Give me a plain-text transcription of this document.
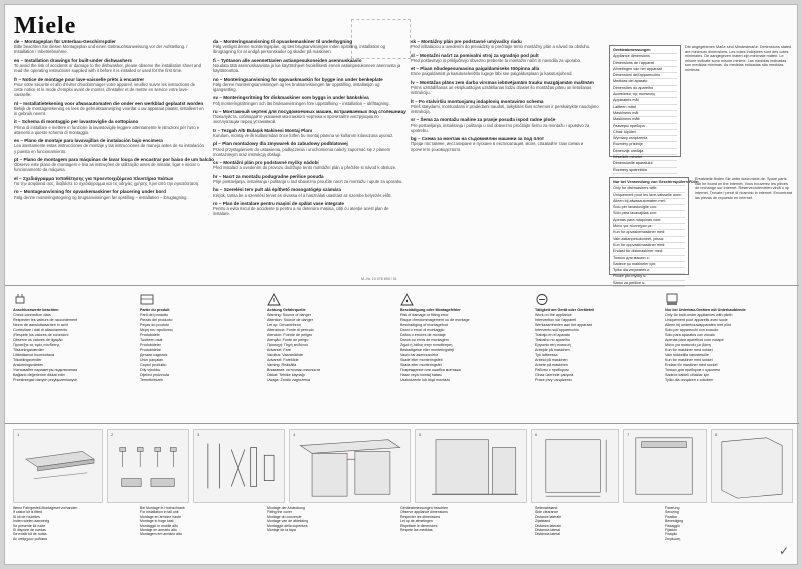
Miele
de – Montageplan für Unterbau-Geschirrspüler
Bitte beachten Sie diesen Montageplan und einen Gebrauchsanweisung vor der Aufstellung. / Installation / Inbetriebnahme.
en – Installation drawings for built-under dishwashers
To avoid the risk of accidents or damage to the dishwasher, please observe the installation sheet and read the operating instructions supplied with it before it is installed or used for the first time.
fr – Notice de montage pour lave-vaisselle prêts à encastrer
Pour votre sécurité et afin d'éviter d'endommager votre appareil, veuillez suivre les instructions de cette notice et le mode d'emploi avant de monter, d'installer et de mettre en service votre lave-vaisselle.
nl – Installatietekening voor afwasautomaten die onder een werkblad geplaatst worden
Bekijk de montagetekening en lees de gebruiksaanwijzing voordat u uw apparaat plaatst, installeert en in gebruik neemt.
it – Schema di montaggio per lavastoviglie da sottopiano
Prima di installare e mettere in funzione la lavastoviglie leggere attentamente le istruzioni per l'uso e attenersi a questo schema di montaggio.
es – Plano de montaje para lavavajillas de instalación bajo encimera
Lea atentamente estas instrucciones de montaje y las instrucciones de manejo antes de su instalación y puesta en funcionamiento.
pt – Plano de montagem para máquinas de lavar louça de encastrar por baixo de um balcão
Observe este plano de montagem e leia as instruções de utilização antes de instalar, ligar e iniciar o funcionamento da máquina.
el – Σχεδιάγραμμα τοποθέτησης για προεντοιχιζόμενα πλυντήρια πιάτων
Για την ασφάλειά σας, διαβάστε το σχεδιάγραμμα και τις οδηγίες χρήσης πριν από την εγκατάσταση.
ro – Montageanvisning för opvaskemaskiner for placering under bord
Følg denne monteringstegning og brugsanvisningen før opstilling – installation – ibrugtagning.
da – Monteringsanvisning til opvaskemaskiner til underbygning
Følg venligst denne monteringsplan, og læs brugsanvisningen inden opstilling, installation og ibrugtagning for at undgå personskader og skader på maskinen.
fi – Työtason alle asennettavien astianpesukoneiden asennuskaavio
Noudata tätä asennuskaaviota ja lue käyttöohjeet huolellisesti ennen astianpesukoneen asennusta ja käyttöönottoa.
no – Monteringsanvisning for oppvaskmaskin for bygge inn under benkeplate
Følg denne monteringsanvisningen og les bruksanvisningen før oppstilling, installasjon og igangsetting.
sv – Monteringsritning för diskmaskiner som byggs in under bänkskiva
Följ monteringsritningen och läs bruksanvisningen före uppställning – installation – idrifttagning.
ru – Монтажный чертеж для посудомоечных машин, встраиваемых под столешницу
Пожалуйста, соблюдайте указания монтажного чертежа и прочитайте инструкцию по эксплуатации перед установкой.
tr – Tezgah Altı Bulaşık Makinesi Montaj Planı
Kurulum, montaj ve ilk kullanımdan önce lütfen bu montaj planına ve kullanım kılavuzuna uyunuz.
pl – Plan montażowy dla zmywarek do zabudowy podblatowej
Przed przystąpieniem do ustawienia, podłączenia i uruchomienia należy zapoznać się z planem montażowym oraz instrukcją obsługi.
cs – Montážní plán pro podstavné myčky nádobí
Před instalací a uvedením do provozu dodržujte tento montážní plán a přečtěte si návod k obsluze.
hr – Nacrt za montažu podugradne perilice posuđa
Prije postavljanja, instaliranja i puštanja u rad obavezno proučite nacrt za montažu i upute za uporabu.
hu – Szerelési terv pult alá építhető mosogatógép számára
Kérjük, tartsa be a szerelési tervet és olvassa el a használati utasítást az üzembe helyezés előtt.
ro – Plan de instalare pentru mașini de spălat vase integrate
Pentru a evita riscul de accidente și pentru a nu deteriora mașina, citiți cu atenție acest plan de instalare.
sk – Montážny plán pre podstavné umývačky riadu
Pred inštaláciou a uvedením do prevádzky si prečítajte tento montážny plán a návod na obsluhu.
sl – Montažni načrt za pomivalni stroj za vgradnjo pod pult
Pred postavitvijo in priključitvijo obvezno preberite ta montažni načrt in navodila za uporabo.
et – Plaan nõudepesumasina paigaldamiseks tööpinna alla
Enne paigaldamist ja kasutuselevõttu lugege läbi see paigaldusplaan ja kasutusjuhend.
lv – Montāžas plāns zem darba virsmas iebūvējamām trauku mazgājamām mašīnām
Pirms uzstādīšanas un ekspluatācijas uzsākšanas lūdzu izlasiet šo montāžas plānu un lietošanas instrukciju.
lt – Po stalviršiu montuojamų indaplovių montavimo schema
Prieš statydami, montuodami ir pradėdami naudoti, laikykitės šios schemos ir perskaitykite naudojimo instrukciją.
sr – Šema za montažu mašine za pranje posuđa ispod radne ploče
Pre postavljanja, instaliranja i puštanja u rad obavezno pročitajte šemu za montažu i uputstvo za upotrebu.
bg – Схема за монтаж на съдомиялни машини за под плот
Преди поставяне, инсталиране и пускане в експлоатация, моля, спазвайте тази схема и прочетете ръководството.
Geräteabmessungen
Appliance dimensions
Dimensions de l'appareil
Afmetingen van het apparaat
Dimensioni dell'apparecchio
Medidas del aparato
Dimensões do aparelho
Διαστάσεις της συσκευής
Apparatets mål
Laitteen mitat
Maskinens mål
Maskinens mått
Размеры прибора
Cihaz ölçüleri
Wymiary urządzenia
Rozměry přístroje
Dimenzije uređaja
Készülék méretei
Dimensiunile aparatului
Rozmery spotrebiča
Die angegebenen Maße sind Mindestmaße. Dimensions stated are minimum dimensions. Les cotes indiquées sont des cotes minimales. De aangegeven maten zijn minimale maten. Le misure indicate sono misure minime. Las medidas indicadas son medidas mínimas. As medidas indicadas são medidas mínimas.
Nur bei Verwendung von Geschirrspülern Fülle:
Only for dishwashers with:
Uniquement pour les lave-vaisselle avec:
Alleen bij afwasautomaten met:
Solo per lavastoviglie con:
Sólo para lavavajillas con:
Apenas para máquinas com:
Μόνο για πλυντήρια με:
Kun for opvaskemaskiner med:
Vain astianpesukoneet, joissa:
Kun for oppvaskmaskiner med:
Endast för diskmaskiner med:
Только для машин с:
Sadece şu makineler için:
Tylko dla zmywarek z:
Pouze pro myčky s:
Samo za perilice s:
Ersatzteile finden Sie unter www.miele.de. Spare parts can be found on the Internet. Vous trouverez les pièces de rechange sur Internet. Reserveonderdelen vindt u op internet. Trovate i pezzi di ricambio in internet. Encontrará las piezas de repuesto en internet.
M.-Nr. 10 078 690 / 01
Anschlusswerte beachten
Check connection data
Respecter les valeurs de raccordement
Neem de aansluitwaarden in acht
Controllare i dati di allacciamento
¡Respete los valores de conexión!
Observe os valores de ligação
Προσέξτε τις τιμές σύνδεσης
Tilslutningsværdier
Liitäntäarvot huomioitava
Tilkoblingsverdier
Anslutningsvärden
Учитывайте параметры подключения
Bağlantı değerlerine dikkat edin
Przestrzegać danych przyłączeniowych
Partie du produit
Parti del prodotto
Piezas del producto
Peças do produto
Μέρη του προϊόντος
Produktdele
Tuotteen osat
Produktdeler
Produktdelar
Детали изделия
Ürün parçaları
Części produktu
Díly výrobku
Dijelovi proizvoda
Termékrészek
Achtung Gefahrquelle
Warning: Source of danger
Attention: Source de danger
Let op: Gevarenbron
Attenzione: Fonte di pericolo
Atención: Fuente de peligro
Atenção: Fonte de perigo
Προσοχή: Πηγή κινδύνου
Advarsel: Fare
Varoitus: Vaaranlähde
Advarsel: Farekilde
Varning: Riskkälla
Внимание: источник опасности
Dikkat: Tehlike kaynağı
Uwaga: Źródło zagrożenia
Beschädigung oder Montagefehler
Risk of damage or fitting error
Risque d'endommagement ou de montage
Beschadiging of montagefout
Danni o errori di montaggio
Daños o errores de montaje
Danos ou erros de montagem
Ζημιά ή λάθος στην τοποθέτηση
Beskadigelse eller monteringsfejl
Vaurio tai asennusvirhe
Skade eller monteringsfeil
Skada eller monteringsfel
Повреждение или ошибка монтажа
Hasar veya montaj hatası
Uszkodzenie lub błąd montażu
Tätigkeit am Gerät oder Geräteteil
Work on the appliance
Intervention sur l'appareil
Werkzaamheden aan het apparaat
Intervento sull'apparecchio
Trabajo en el aparato
Trabalho no aparelho
Εργασία στη συσκευή
Arbejde på maskinen
Työ laitteessa
Arbeid på maskinen
Arbete på maskinen
Работы с прибором
Cihaz üzerinde çalışma
Prace przy urządzeniu
Nur bei Unterbau-Geräten mit Unterbaublende
Only for built-under appliances with plinth
Uniquement pour appareils avec socle
Alleen bij onderbouwapparaten met plint
Solo per apparecchi con zoccolo
Sólo para aparatos con zócalo
Apenas para aparelhos com rodapé
Μόνο για συσκευές με βάση
Kun for maskiner med sokkel
Vain sokkelilla varustetuille
Kun for maskiner med sokkel
Endast för maskiner med sockel
Только для приборов с цоколем
Sadece kaideli cihazlar için
Tylko dla urządzeń z cokołem
1	2	3	4	5	6	7	8
Wenn Fahrgestell-Montageset vorhanden
If castor kit is fitted
Si kit de roulettes
Indien wielen aanwezig
Se presente kit ruote
Si dispone de ruedas
Se existir kit de rodas
Αν υπάρχουν ροδάκια
Bei Montage in Hochschrank
For installation in tall unit
Montage en armoire haute
Montage in hoge kast
Montaggio in mobile alto
Montaje en armario alto
Montagem em armário alto
Montage der Abdeckung
Fitting the cover
Montage du couvercle
Montage van de afdekking
Montaggio della copertura
Montaje de la tapa
Geräteabmessungen beachten
Observe appliance dimensions
Respecter les dimensions
Let op de afmetingen
Rispettare le dimensioni
Respete las medidas
Seitenabstand
Side clearance
Distance latérale
Zijafstand
Distanza laterale
Distancia lateral
Distância lateral
Fixierung
Securing
Fixation
Bevestiging
Fissaggio
Fijación
Fixação
Στερέωση
✓
